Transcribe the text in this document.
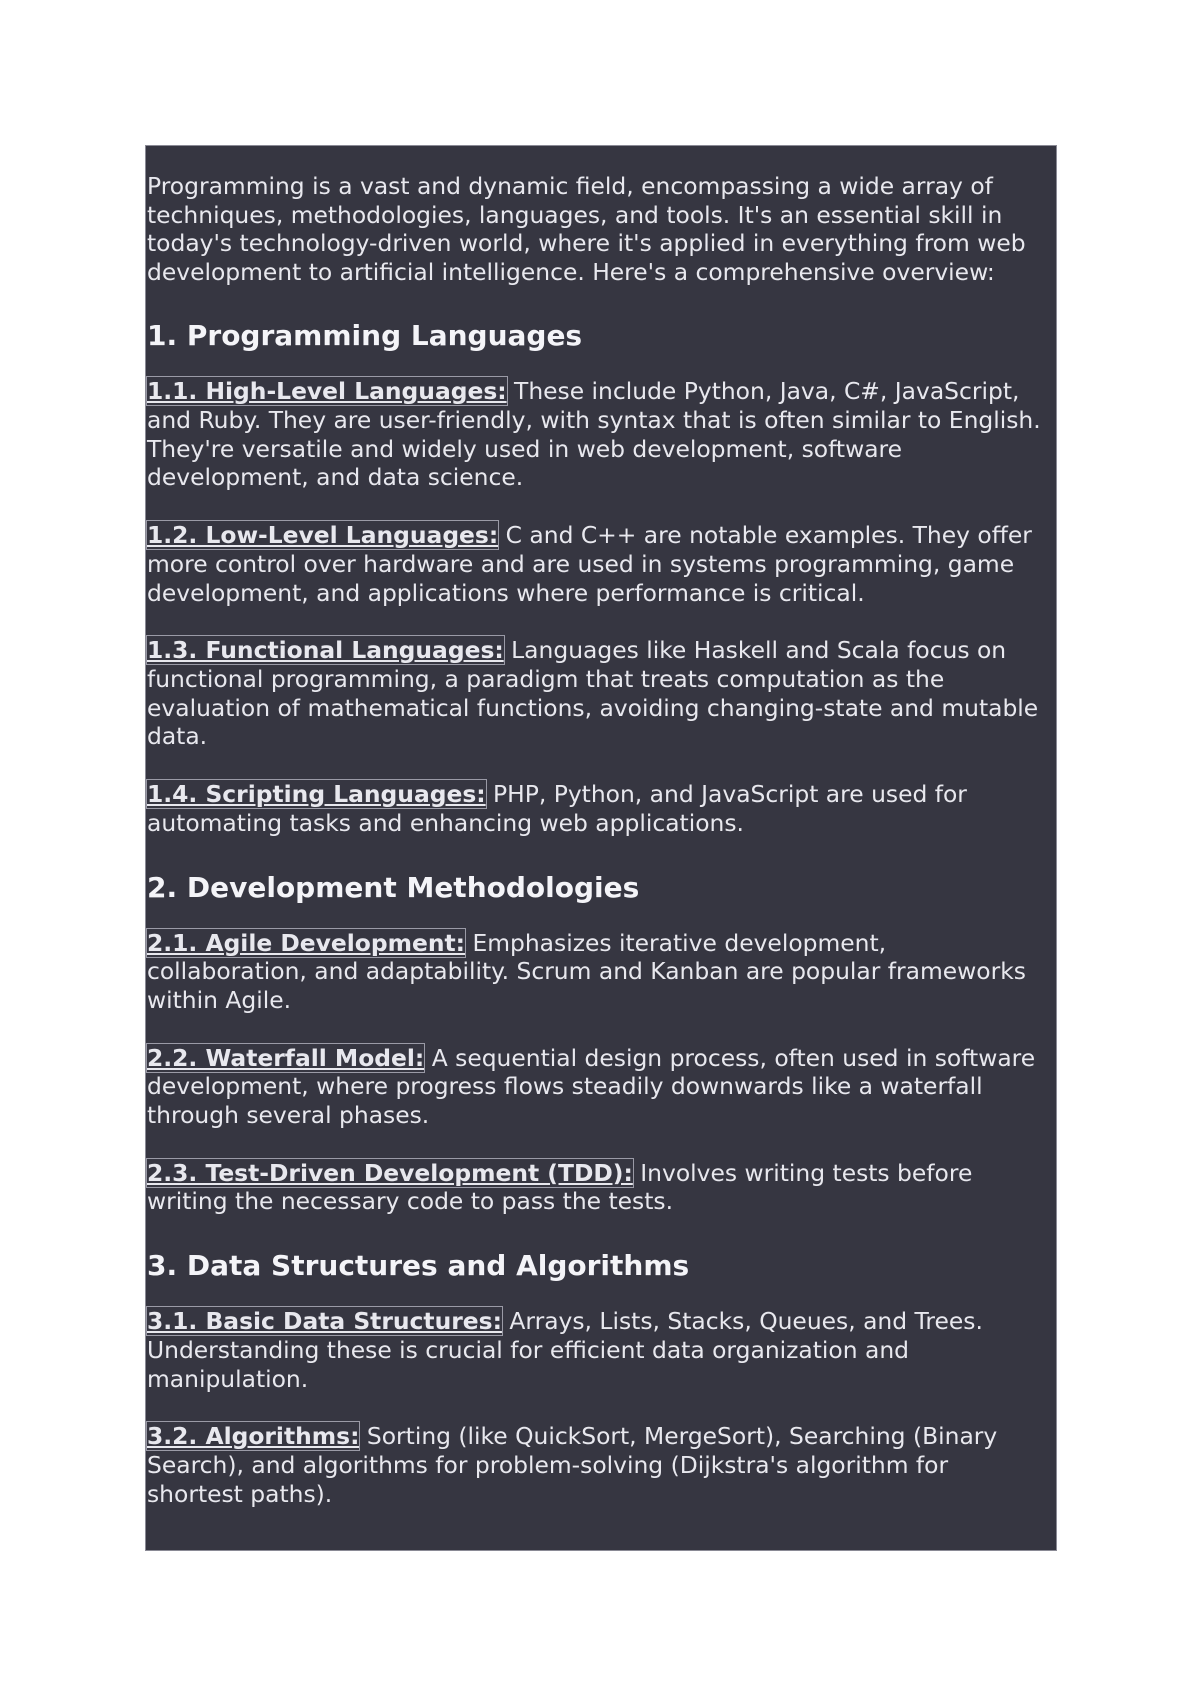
Programming is a vast and dynamic field, encompassing a wide array of techniques, methodologies, languages, and tools. It's an essential skill in today's technology-driven world, where it's applied in everything from web development to artificial intelligence. Here's a comprehensive overview:

1. Programming Languages

1.1. High-Level Languages: These include Python, Java, C#, JavaScript, and Ruby. They are user-friendly, with syntax that is often similar to English. They're versatile and widely used in web development, software development, and data science.

1.2. Low-Level Languages: C and C++ are notable examples. They offer more control over hardware and are used in systems programming, game development, and applications where performance is critical.

1.3. Functional Languages: Languages like Haskell and Scala focus on functional programming, a paradigm that treats computation as the evaluation of mathematical functions, avoiding changing-state and mutable data.

1.4. Scripting Languages: PHP, Python, and JavaScript are used for automating tasks and enhancing web applications.

2. Development Methodologies

2.1. Agile Development: Emphasizes iterative development, collaboration, and adaptability. Scrum and Kanban are popular frameworks within Agile.

2.2. Waterfall Model: A sequential design process, often used in software development, where progress flows steadily downwards like a waterfall through several phases.

2.3. Test-Driven Development (TDD): Involves writing tests before writing the necessary code to pass the tests.

3. Data Structures and Algorithms

3.1. Basic Data Structures: Arrays, Lists, Stacks, Queues, and Trees. Understanding these is crucial for efficient data organization and manipulation.

3.2. Algorithms: Sorting (like QuickSort, MergeSort), Searching (Binary Search), and algorithms for problem-solving (Dijkstra's algorithm for shortest paths).
